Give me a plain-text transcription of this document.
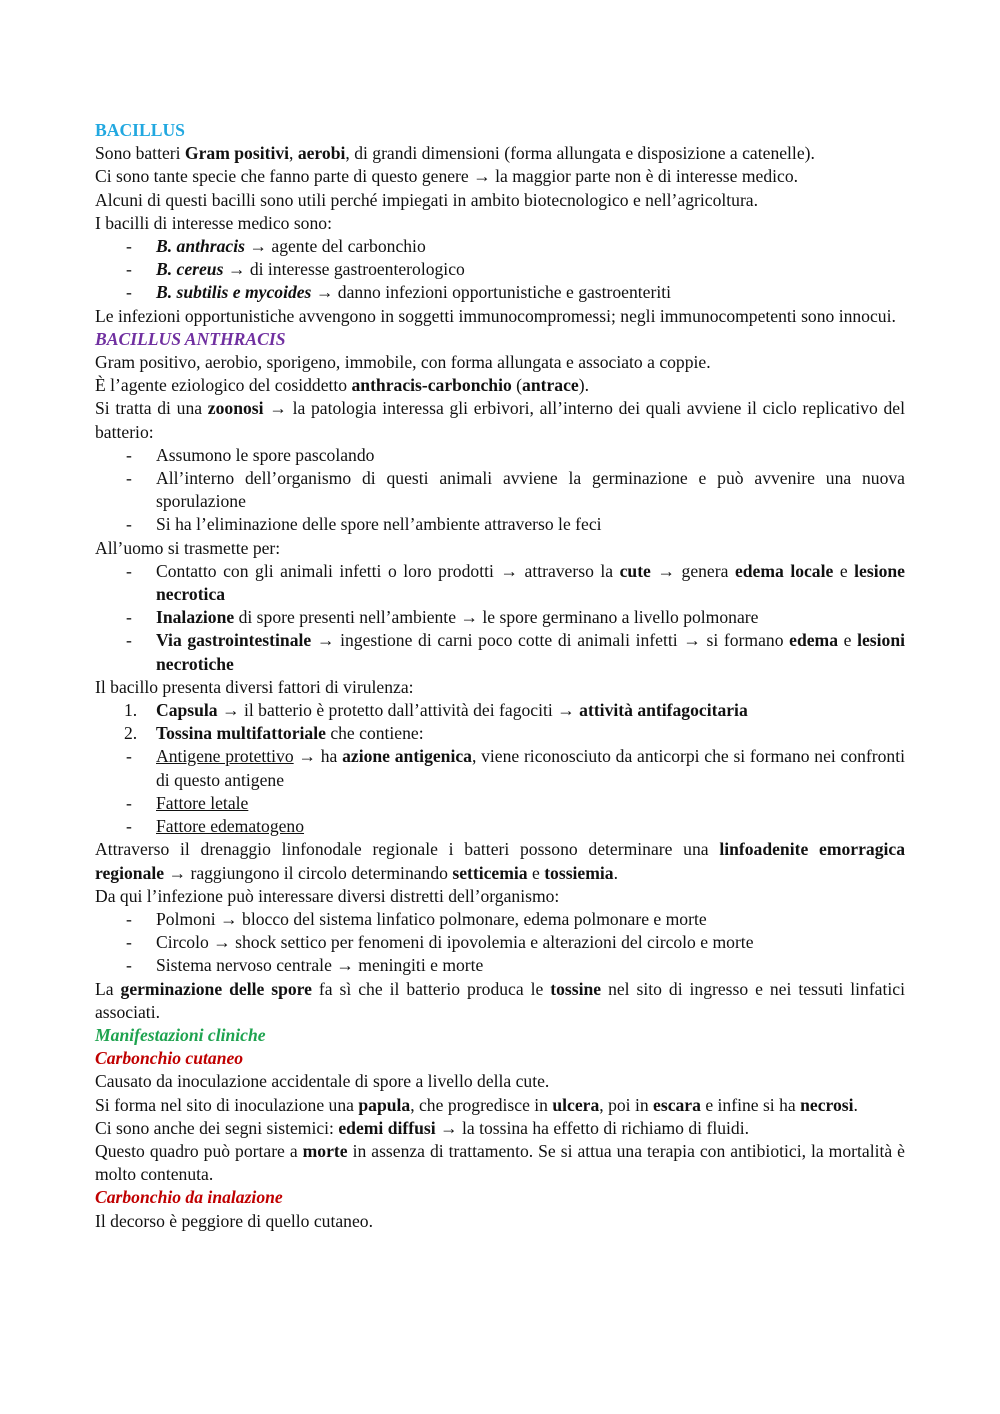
BACILLUS

Sono batteri Gram positivi, aerobi, di grandi dimensioni (forma allungata e disposizione a catenelle).

Ci sono tante specie che fanno parte di questo genere → la maggior parte non è di interesse medico.

Alcuni di questi bacilli sono utili perché impiegati in ambito biotecnologico e nell’agricoltura.

I bacilli di interesse medico sono:

- B. anthracis → agente del carbonchio
- B. cereus → di interesse gastroenterologico
- B. subtilis e mycoides → danno infezioni opportunistiche e gastroenteriti

Le infezioni opportunistiche avvengono in soggetti immunocompromessi; negli immunocompetenti sono innocui.

BACILLUS ANTHRACIS

Gram positivo, aerobio, sporigeno, immobile, con forma allungata e associato a coppie.

È l’agente eziologico del cosiddetto anthracis-carbonchio (antrace).

Si tratta di una zoonosi → la patologia interessa gli erbivori, all’interno dei quali avviene il ciclo replicativo del batterio:

- Assumono le spore pascolando
- All’interno dell’organismo di questi animali avviene la germinazione e può avvenire una nuova sporulazione
- Si ha l’eliminazione delle spore nell’ambiente attraverso le feci

All’uomo si trasmette per:

- Contatto con gli animali infetti o loro prodotti → attraverso la cute → genera edema locale e lesione necrotica
- Inalazione di spore presenti nell’ambiente → le spore germinano a livello polmonare
- Via gastrointestinale → ingestione di carni poco cotte di animali infetti → si formano edema e lesioni necrotiche

Il bacillo presenta diversi fattori di virulenza:

1. Capsula → il batterio è protetto dall’attività dei fagociti → attività antifagocitaria
2. Tossina multifattoriale che contiene:
- Antigene protettivo → ha azione antigenica, viene riconosciuto da anticorpi che si formano nei confronti di questo antigene
- Fattore letale
- Fattore edematogeno

Attraverso il drenaggio linfonodale regionale i batteri possono determinare una linfoadenite emorragica regionale → raggiungono il circolo determinando setticemia e tossiemia.

Da qui l’infezione può interessare diversi distretti dell’organismo:

- Polmoni → blocco del sistema linfatico polmonare, edema polmonare e morte
- Circolo → shock settico per fenomeni di ipovolemia e alterazioni del circolo e morte
- Sistema nervoso centrale → meningiti e morte

La germinazione delle spore fa sì che il batterio produca le tossine nel sito di ingresso e nei tessuti linfatici associati.

Manifestazioni cliniche

Carbonchio cutaneo

Causato da inoculazione accidentale di spore a livello della cute.

Si forma nel sito di inoculazione una papula, che progredisce in ulcera, poi in escara e infine si ha necrosi.

Ci sono anche dei segni sistemici: edemi diffusi → la tossina ha effetto di richiamo di fluidi.

Questo quadro può portare a morte in assenza di trattamento. Se si attua una terapia con antibiotici, la mortalità è molto contenuta.

Carbonchio da inalazione

Il decorso è peggiore di quello cutaneo.
